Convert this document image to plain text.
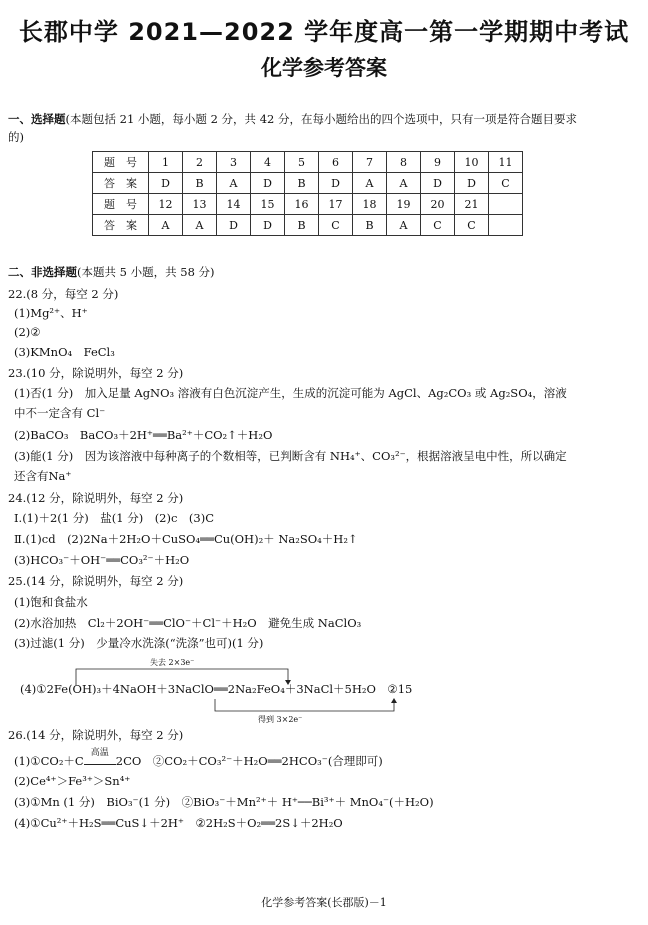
长郡中学 2021—2022 学年度高一第一学期期中考试
化学参考答案
一、选择题(本题包括 21 小题，每小题 2 分，共 42 分，在每小题给出的四个选项中，只有一项是符合题目要求
的)
题　号	1	2	3	4	5	6	7	8	9	10	11
答　案	D	B	A	D	B	D	A	A	D	D	C
题　号	12	13	14	15	16	17	18	19	20	21	
答　案	A	A	D	D	B	C	B	A	C	C	
二、非选择题(本题共 5 小题，共 58 分)
22.(8 分，每空 2 分)
(1)Mg²⁺、H⁺
(2)②
(3)KMnO₄　FeCl₃
23.(10 分，除说明外，每空 2 分)
(1)否(1 分)　加入足量 AgNO₃ 溶液有白色沉淀产生，生成的沉淀可能为 AgCl、Ag₂CO₃ 或 Ag₂SO₄，溶液
中不一定含有 Cl⁻
(2)BaCO₃　BaCO₃＋2H⁺══Ba²⁺＋CO₂↑＋H₂O
(3)能(1 分)　因为该溶液中每种离子的个数相等，已判断含有 NH₄⁺、CO₃²⁻，根据溶液呈电中性，所以确定
还含有Na⁺
24.(12 分，除说明外，每空 2 分)
Ⅰ.(1)＋2(1 分)　盐(1 分)　(2)c　(3)C
Ⅱ.(1)cd　(2)2Na＋2H₂O＋CuSO₄══Cu(OH)₂＋ Na₂SO₄＋H₂↑
(3)HCO₃⁻＋OH⁻══CO₃²⁻＋H₂O
25.(14 分，除说明外，每空 2 分)
(1)饱和食盐水
(2)水浴加热　Cl₂＋2OH⁻══ClO⁻＋Cl⁻＋H₂O　避免生成 NaClO₃
(3)过滤(1 分)　少量冷水洗涤(“洗涤”也可)(1 分)
失去 2×3e⁻
(4)①2Fe(OH)₃＋4NaOH＋3NaClO══2Na₂FeO₄＋3NaCl＋5H₂O　②15
得到 3×2e⁻
26.(14 分，除说明外，每空 2 分)
(1)①CO₂＋C
高温
2CO　②CO₂＋CO₃²⁻＋H₂O══2HCO₃⁻(合理即可)
(2)Ce⁴⁺＞Fe³⁺＞Sn⁴⁺
(3)①Mn (1 分)　BiO₃⁻(1 分)　②BiO₃⁻＋Mn²⁺＋ H⁺──Bi³⁺＋ MnO₄⁻(＋H₂O)
(4)①Cu²⁺＋H₂S══CuS↓＋2H⁺　②2H₂S＋O₂══2S↓＋2H₂O
化学参考答案(长郡版)－1
